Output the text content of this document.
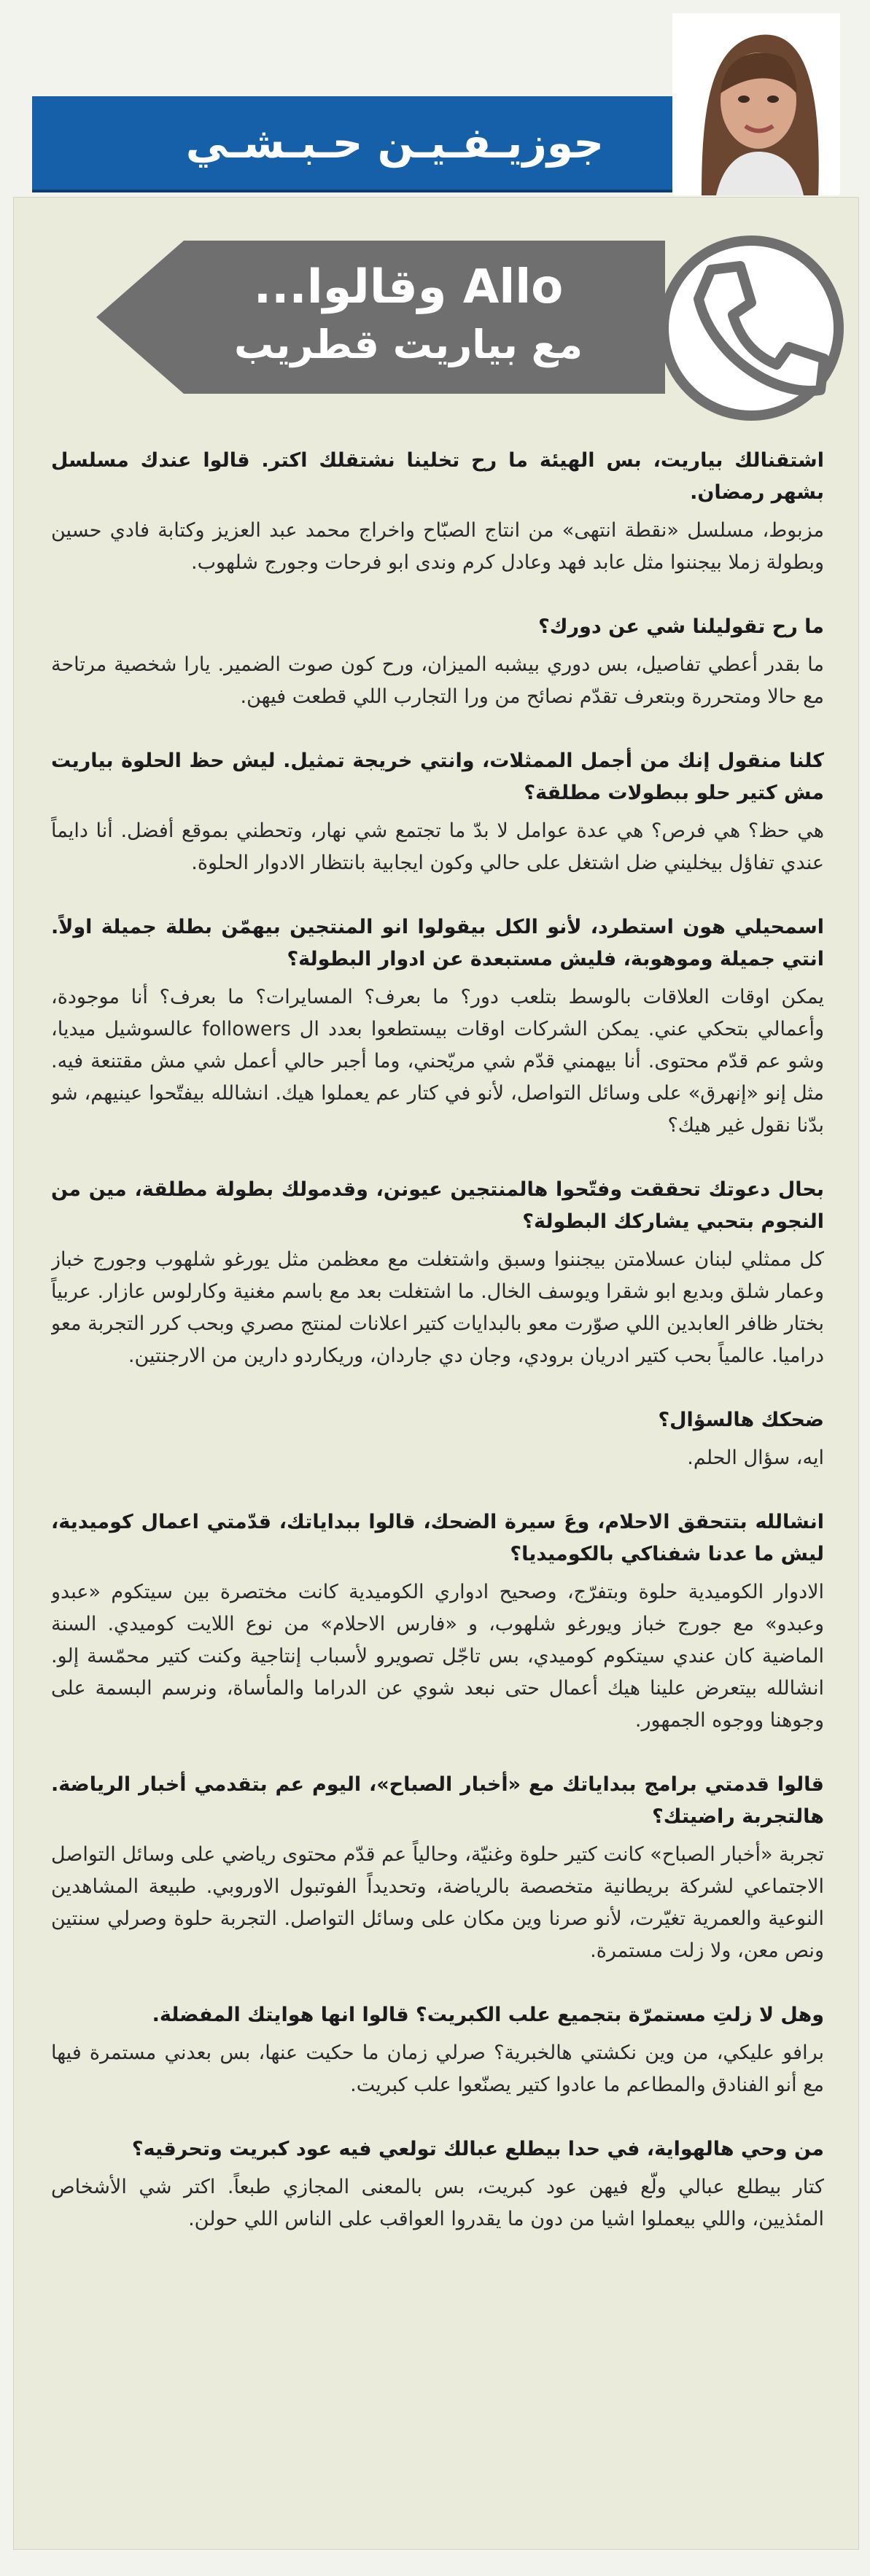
جوزيـفـيـن حـبـشـي
Allo وقالوا...
مع بياريت قطريب

اشتقنالك بياريت، بس الهيئة ما رح تخلينا نشتقلك اكتر. قالوا عندك مسلسل بشهر رمضان.

مزبوط، مسلسل «نقطة انتهى» من انتاج الصبّاح واخراج محمد عبد العزيز وكتابة فادي حسين وبطولة زملا بيجننوا مثل عابد فهد وعادل كرم وندى ابو فرحات وجورج شلهوب.

ما رح تقوليلنا شي عن دورك؟

ما بقدر أعطي تفاصيل، بس دوري بيشبه الميزان، ورح كون صوت الضمير. يارا شخصية مرتاحة مع حالا ومتحررة وبتعرف تقدّم نصائح من ورا التجارب اللي قطعت فيهن.

كلنا منقول إنك من أجمل الممثلات، وانتي خريجة تمثيل. ليش حظ الحلوة بياريت مش كتير حلو ببطولات مطلقة؟

هي حظ؟ هي فرص؟ هي عدة عوامل لا بدّ ما تجتمع شي نهار، وتحطني بموقع أفضل. أنا دايماً عندي تفاؤل بيخليني ضل اشتغل على حالي وكون ايجابية بانتظار الادوار الحلوة.

اسمحيلي هون استطرد، لأنو الكل بيقولوا انو المنتجين بيهمّن بطلة جميلة اولاً. انتي جميلة وموهوبة، فليش مستبعدة عن ادوار البطولة؟

يمكن اوقات العلاقات بالوسط بتلعب دور؟ ما بعرف؟ المسايرات؟ ما بعرف؟ أنا موجودة، وأعمالي بتحكي عني. يمكن الشركات اوقات بيستطعوا بعدد ال followers عالسوشيل ميديا، وشو عم قدّم محتوى. أنا بيهمني قدّم شي مريّحني، وما أجبر حالي أعمل شي مش مقتنعة فيه. مثل إنو «إنهرق» على وسائل التواصل، لأنو في كتار عم يعملوا هيك. انشالله بيفتّحوا عينيهم، شو بدّنا نقول غير هيك؟

بحال دعوتك تحققت وفتّحوا هالمنتجين عيونن، وقدمولك بطولة مطلقة، مين من النجوم بتحبي يشاركك البطولة؟

كل ممثلي لبنان عسلامتن بيجننوا وسبق واشتغلت مع معظمن مثل يورغو شلهوب وجورج خباز وعمار شلق وبديع ابو شقرا ويوسف الخال. ما اشتغلت بعد مع باسم مغنية وكارلوس عازار. عربياً بختار ظافر العابدين اللي صوّرت معو بالبدايات كتير اعلانات لمنتج مصري وبحب كرر التجربة معو دراميا. عالمياً بحب كتير ادريان برودي، وجان دي جاردان، وريكاردو دارين من الارجنتين.

ضحكك هالسؤال؟

ايه، سؤال الحلم.

انشالله بتتحقق الاحلام، وعَ سيرة الضحك، قالوا ببداياتك، قدّمتي اعمال كوميدية، ليش ما عدنا شفناكي بالكوميديا؟

الادوار الكوميدية حلوة وبتفرّج، وصحيح ادواري الكوميدية كانت مختصرة بين سيتكوم «عبدو وعبدو» مع جورج خباز ويورغو شلهوب، و «فارس الاحلام» من نوع اللايت كوميدي. السنة الماضية كان عندي سيتكوم كوميدي، بس تاجّل تصويرو لأسباب إنتاجية وكنت كتير محمّسة إلو. انشالله بيتعرض علينا هيك أعمال حتى نبعد شوي عن الدراما والمأساة، ونرسم البسمة على وجوهنا ووجوه الجمهور.

قالوا قدمتي برامج ببداياتك مع «أخبار الصباح»، اليوم عم بتقدمي أخبار الرياضة. هالتجربة راضيتك؟

تجربة «أخبار الصباح» كانت كتير حلوة وغنيّة، وحالياً عم قدّم محتوى رياضي على وسائل التواصل الاجتماعي لشركة بريطانية متخصصة بالرياضة، وتحديداً الفوتبول الاوروبي. طبيعة المشاهدين النوعية والعمرية تغيّرت، لأنو صرنا وين مكان على وسائل التواصل. التجربة حلوة وصرلي سنتين ونص معن، ولا زلت مستمرة.

وهل لا زلتِ مستمرّة بتجميع علب الكبريت؟ قالوا انها هوايتك المفضلة.

برافو عليكي، من وين نكشتي هالخبرية؟ صرلي زمان ما حكيت عنها، بس بعدني مستمرة فيها مع أنو الفنادق والمطاعم ما عادوا كتير يصنّعوا علب كبريت.

من وحي هالهواية، في حدا بيطلع عبالك تولعي فيه عود كبريت وتحرقيه؟

كتار بيطلع عبالي ولّع فيهن عود كبريت، بس بالمعنى المجازي طبعاً. اكتر شي الأشخاص المئذيين، واللي بيعملوا اشيا من دون ما يقدروا العواقب على الناس اللي حولن.
